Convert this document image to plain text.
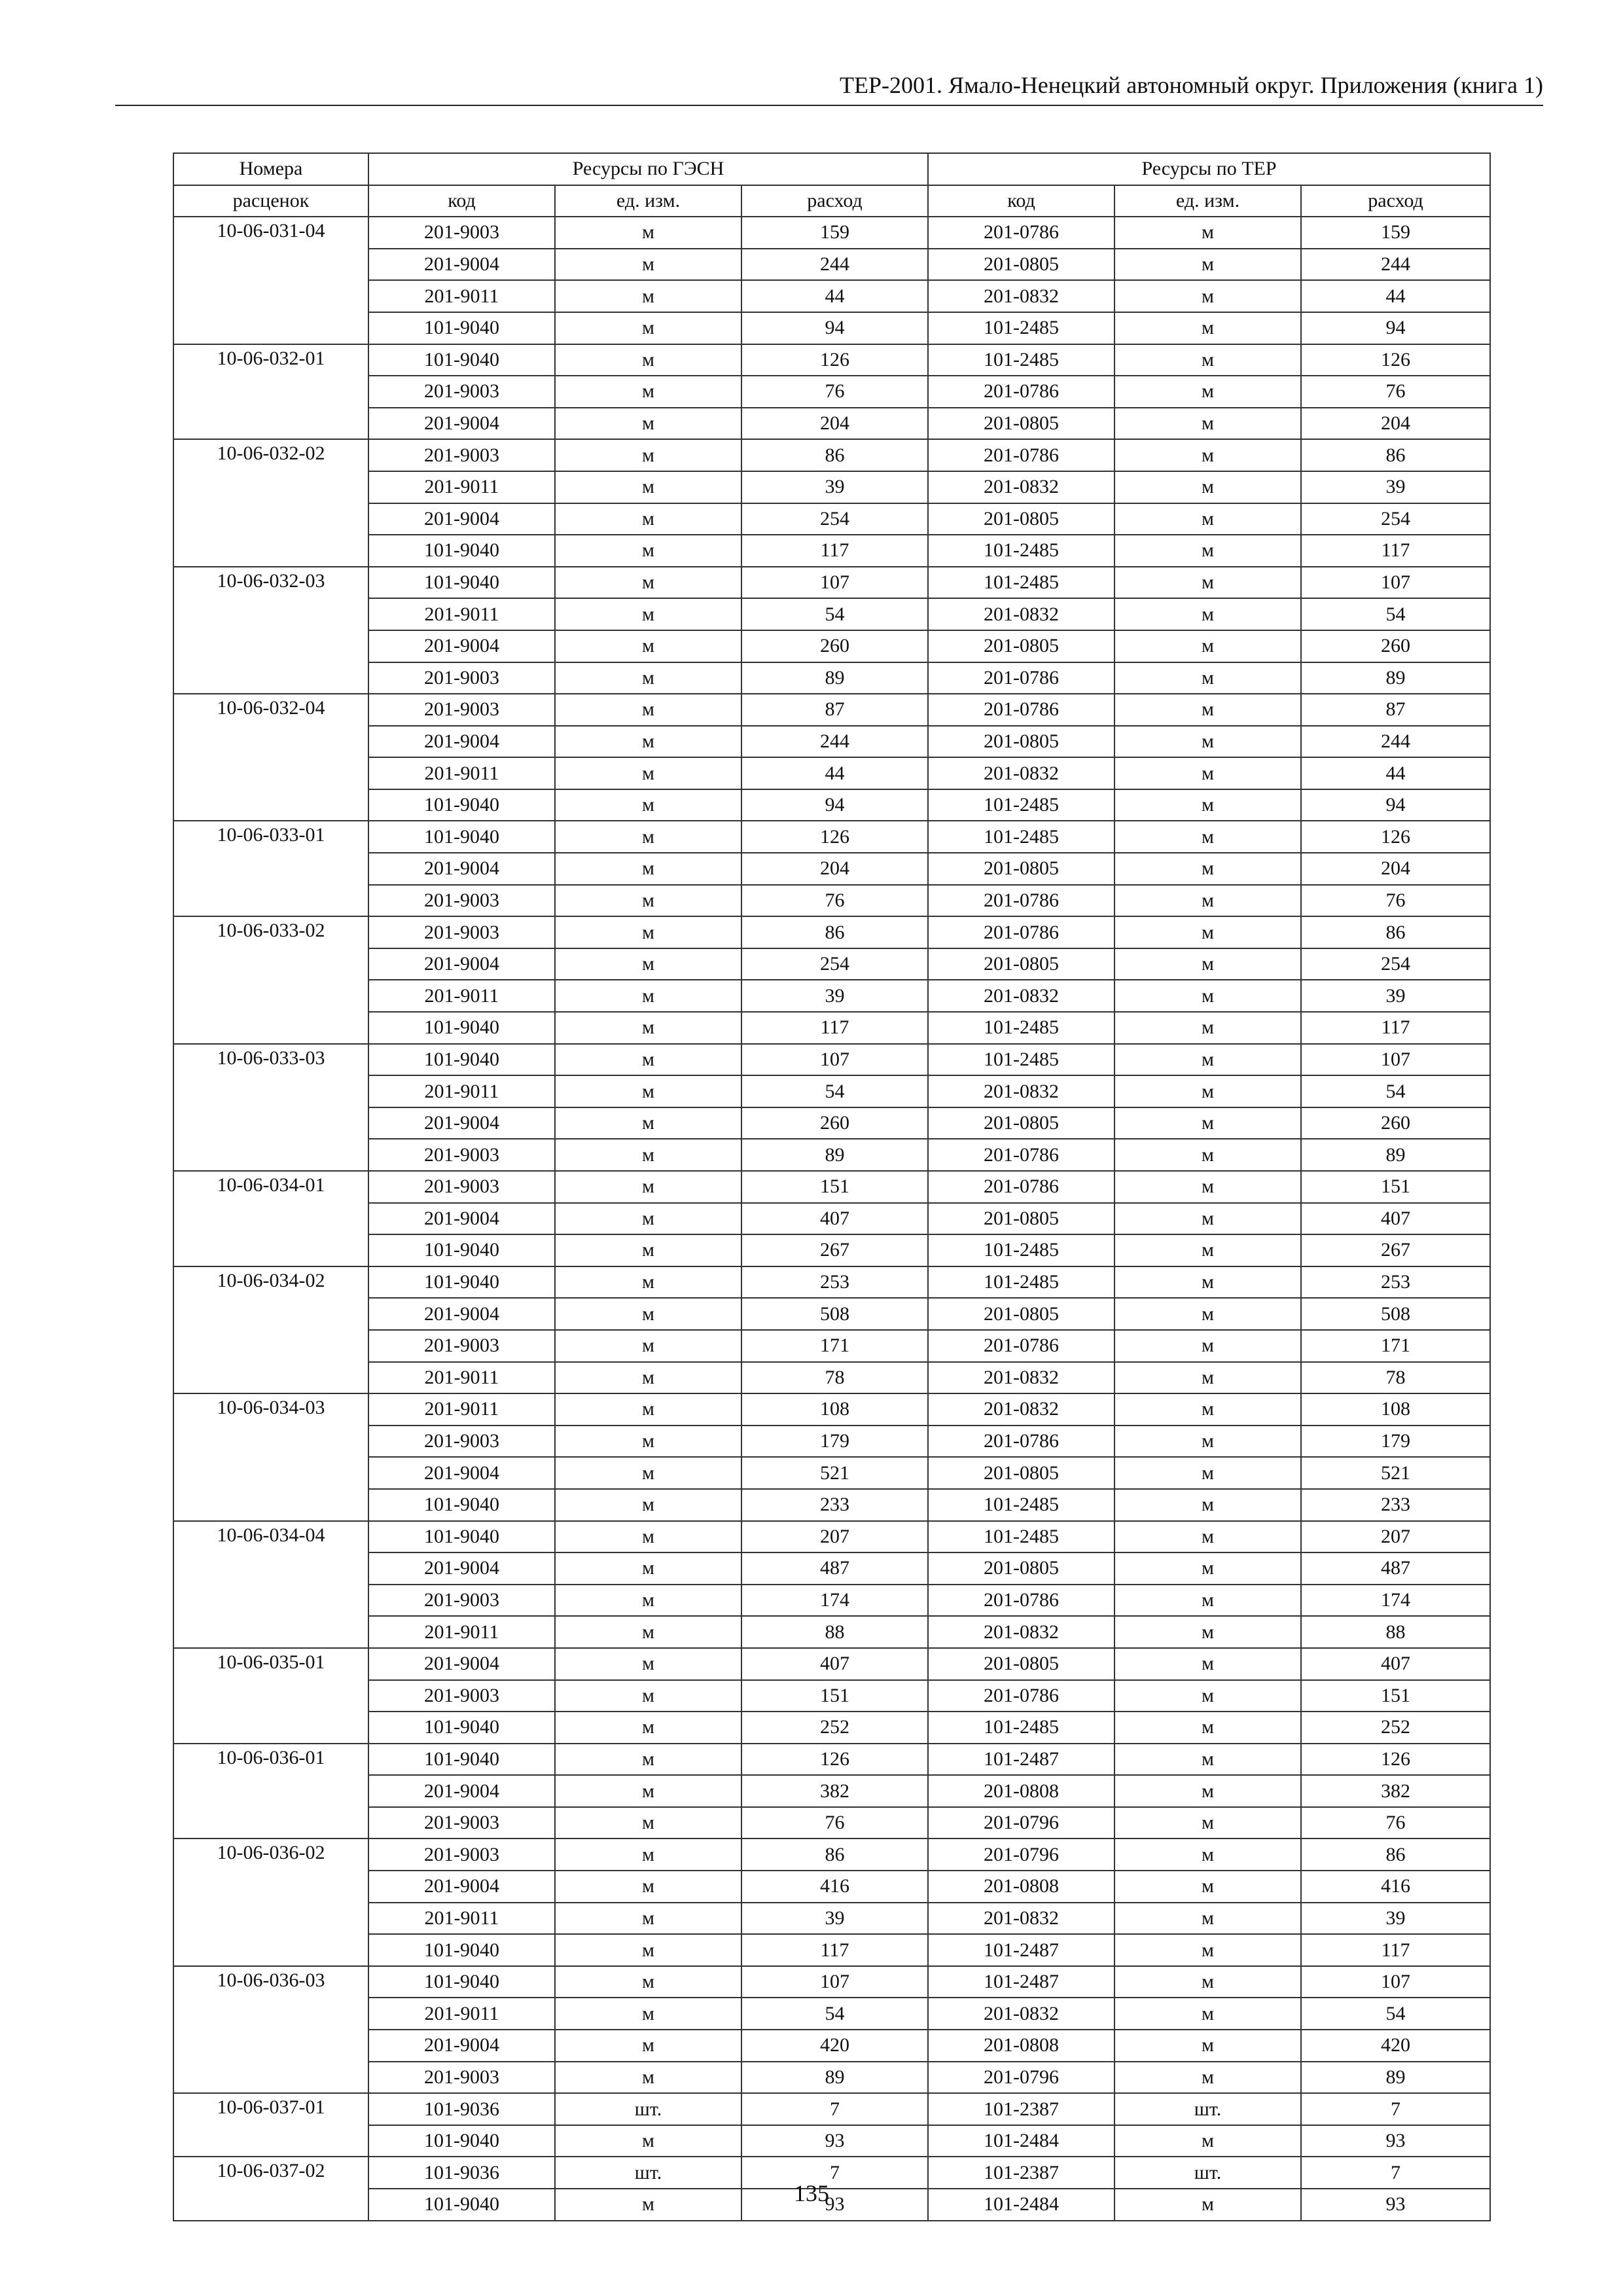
ТЕР-2001. Ямало-Ненецкий автономный округ. Приложения (книга 1)
Номера	Ресурсы по ГЭСН			Ресурсы по ТЕР		
расценок	код	ед. изм.	расход	код	ед. изм.	расход
10-06-031-04	201-9003	м	159	201-0786	м	159
	201-9004	м	244	201-0805	м	244
	201-9011	м	44	201-0832	м	44
	101-9040	м	94	101-2485	м	94
10-06-032-01	101-9040	м	126	101-2485	м	126
	201-9003	м	76	201-0786	м	76
	201-9004	м	204	201-0805	м	204
10-06-032-02	201-9003	м	86	201-0786	м	86
	201-9011	м	39	201-0832	м	39
	201-9004	м	254	201-0805	м	254
	101-9040	м	117	101-2485	м	117
10-06-032-03	101-9040	м	107	101-2485	м	107
	201-9011	м	54	201-0832	м	54
	201-9004	м	260	201-0805	м	260
	201-9003	м	89	201-0786	м	89
10-06-032-04	201-9003	м	87	201-0786	м	87
	201-9004	м	244	201-0805	м	244
	201-9011	м	44	201-0832	м	44
	101-9040	м	94	101-2485	м	94
10-06-033-01	101-9040	м	126	101-2485	м	126
	201-9004	м	204	201-0805	м	204
	201-9003	м	76	201-0786	м	76
10-06-033-02	201-9003	м	86	201-0786	м	86
	201-9004	м	254	201-0805	м	254
	201-9011	м	39	201-0832	м	39
	101-9040	м	117	101-2485	м	117
10-06-033-03	101-9040	м	107	101-2485	м	107
	201-9011	м	54	201-0832	м	54
	201-9004	м	260	201-0805	м	260
	201-9003	м	89	201-0786	м	89
10-06-034-01	201-9003	м	151	201-0786	м	151
	201-9004	м	407	201-0805	м	407
	101-9040	м	267	101-2485	м	267
10-06-034-02	101-9040	м	253	101-2485	м	253
	201-9004	м	508	201-0805	м	508
	201-9003	м	171	201-0786	м	171
	201-9011	м	78	201-0832	м	78
10-06-034-03	201-9011	м	108	201-0832	м	108
	201-9003	м	179	201-0786	м	179
	201-9004	м	521	201-0805	м	521
	101-9040	м	233	101-2485	м	233
10-06-034-04	101-9040	м	207	101-2485	м	207
	201-9004	м	487	201-0805	м	487
	201-9003	м	174	201-0786	м	174
	201-9011	м	88	201-0832	м	88
10-06-035-01	201-9004	м	407	201-0805	м	407
	201-9003	м	151	201-0786	м	151
	101-9040	м	252	101-2485	м	252
10-06-036-01	101-9040	м	126	101-2487	м	126
	201-9004	м	382	201-0808	м	382
	201-9003	м	76	201-0796	м	76
10-06-036-02	201-9003	м	86	201-0796	м	86
	201-9004	м	416	201-0808	м	416
	201-9011	м	39	201-0832	м	39
	101-9040	м	117	101-2487	м	117
10-06-036-03	101-9040	м	107	101-2487	м	107
	201-9011	м	54	201-0832	м	54
	201-9004	м	420	201-0808	м	420
	201-9003	м	89	201-0796	м	89
10-06-037-01	101-9036	шт.	7	101-2387	шт.	7
	101-9040	м	93	101-2484	м	93
10-06-037-02	101-9036	шт.	7	101-2387	шт.	7
	101-9040	м	93	101-2484	м	93
135
